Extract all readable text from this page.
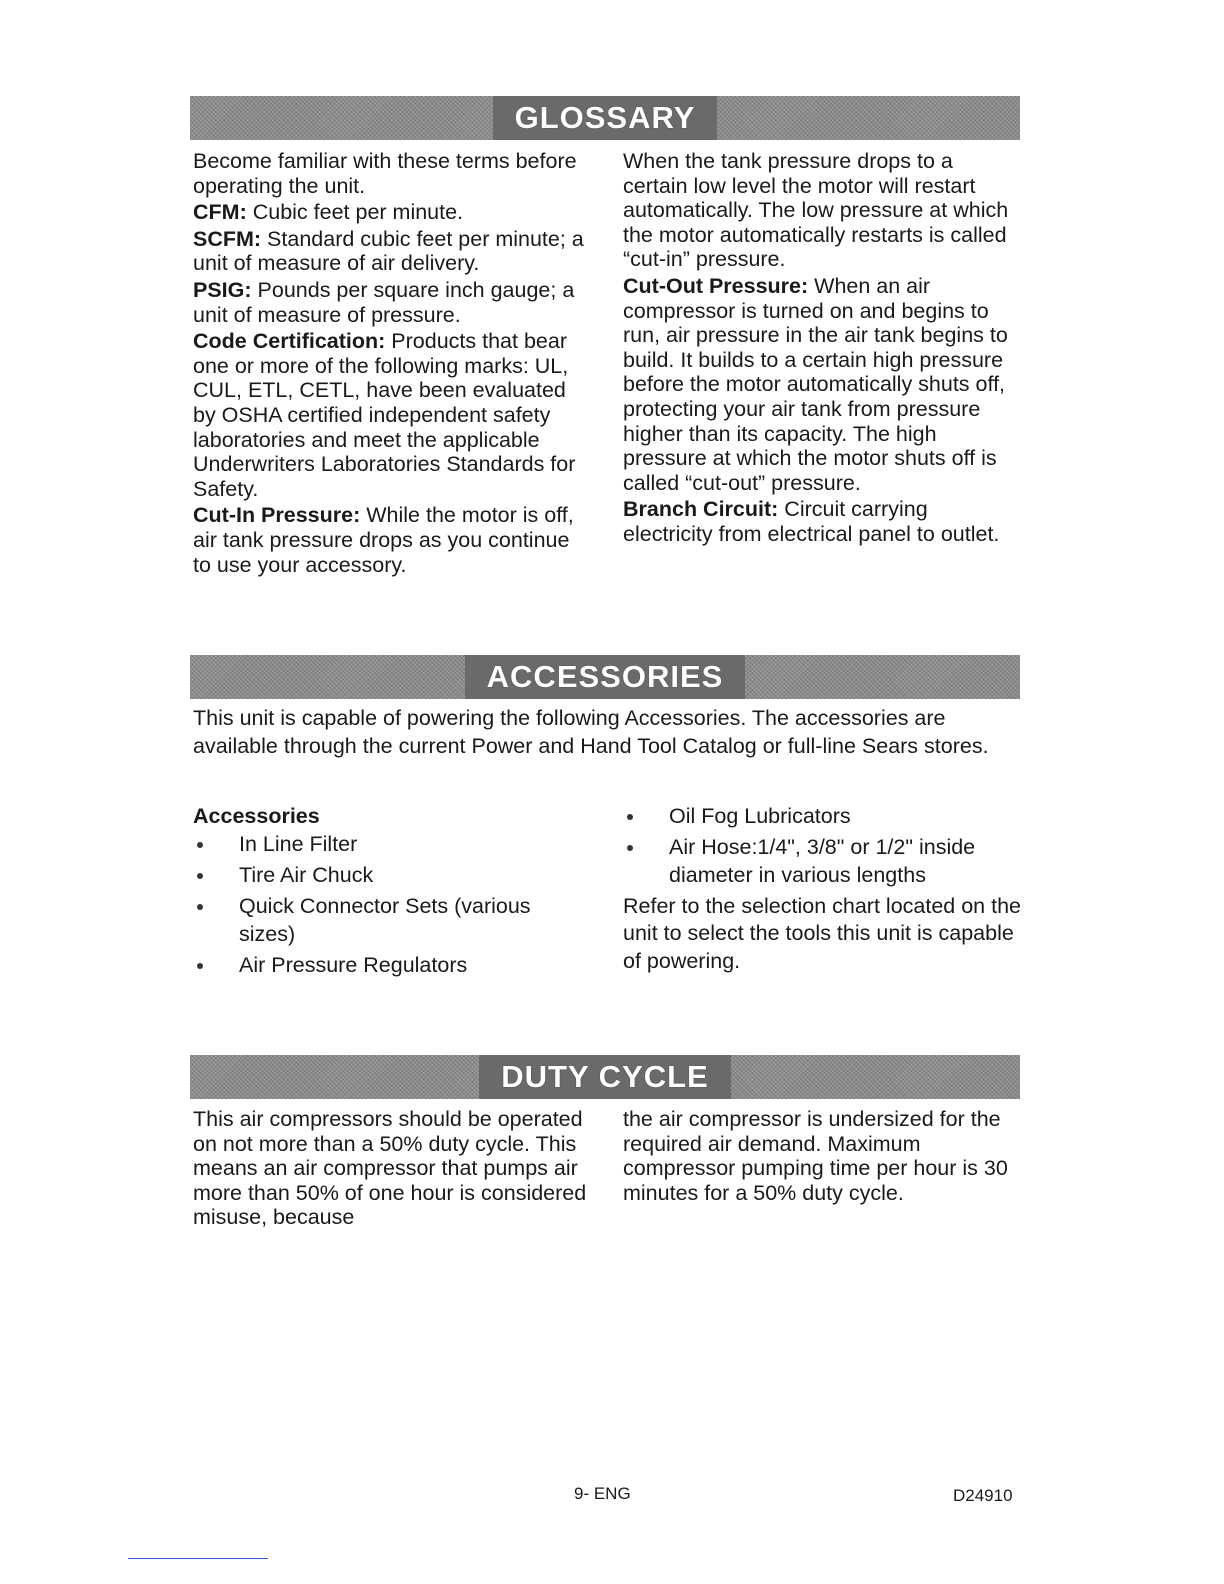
GLOSSARY

Become familiar with these terms before operating the unit.

CFM: Cubic feet per minute.

SCFM: Standard cubic feet per minute; a unit of measure of air delivery.

PSIG: Pounds per square inch gauge; a unit of measure of pressure.

Code Certification: Products that bear one or more of the following marks: UL, CUL, ETL, CETL, have been evaluated by OSHA certified independent safety laboratories and meet the applicable Underwriters Laboratories Standards for Safety.

Cut-In Pressure: While the motor is off, air tank pressure drops as you continue to use your accessory.

When the tank pressure drops to a certain low level the motor will restart automatically. The low pressure at which the motor automatically restarts is called “cut-in” pressure.

Cut-Out Pressure: When an air compressor is turned on and begins to run, air pressure in the air tank begins to build. It builds to a certain high pressure before the motor automatically shuts off, protecting your air tank from pressure higher than its capacity. The high pressure at which the motor shuts off is called “cut-out” pressure.

Branch Circuit: Circuit carrying electricity from electrical panel to outlet.

ACCESSORIES

This unit is capable of powering the following Accessories. The accessories are available through the current Power and Hand Tool Catalog or full-line Sears stores.

Accessories

In Line Filter
Tire Air Chuck
Quick Connector Sets (various sizes)
Air Pressure Regulators
Oil Fog Lubricators
Air Hose:1/4", 3/8" or 1/2" inside diameter in various lengths

Refer to the selection chart located on the unit to select the tools this unit is capable of powering.

DUTY CYCLE

This air compressors should be operated on not more than a 50% duty cycle. This means an air compressor that pumps air more than 50% of one hour is considered misuse, because

the air compressor is undersized for the required air demand. Maximum compressor pumping time per hour is 30 minutes for a 50% duty cycle.

9- ENG	D24910
